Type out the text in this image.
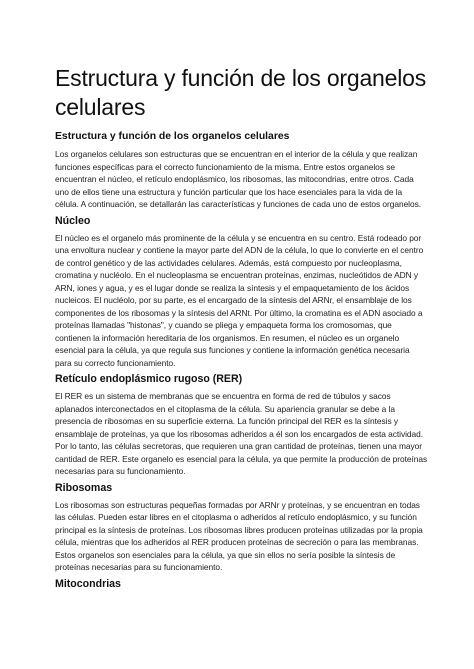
Estructura y función de los organelos celulares
Estructura y función de los organelos celulares

Los organelos celulares son estructuras que se encuentran en el interior de la célula y que realizan funciones específicas para el correcto funcionamiento de la misma. Entre estos organelos se encuentran el núcleo, el retículo endoplásmico, los ribosomas, las mitocondrias, entre otros. Cada uno de ellos tiene una estructura y función particular que los hace esenciales para la vida de la célula. A continuación, se detallarán las características y funciones de cada uno de estos organelos.

Núcleo

El núcleo es el organelo más prominente de la célula y se encuentra en su centro. Está rodeado por una envoltura nuclear y contiene la mayor parte del ADN de la célula, lo que lo convierte en el centro de control genético y de las actividades celulares. Además, está compuesto por nucleoplasma, cromatina y nucléolo. En el nucleoplasma se encuentran proteínas, enzimas, nucleótidos de ADN y ARN, iones y agua, y es el lugar donde se realiza la síntesis y el empaquetamiento de los ácidos nucleicos. El nucléolo, por su parte, es el encargado de la síntesis del ARNr, el ensamblaje de los componentes de los ribosomas y la síntesis del ARNt. Por último, la cromatina es el ADN asociado a proteínas llamadas "histonas", y cuando se pliega y empaqueta forma los cromosomas, que contienen la información hereditaria de los organismos. En resumen, el núcleo es un organelo esencial para la célula, ya que regula sus funciones y contiene la información genética necesaria para su correcto funcionamiento.

Retículo endoplásmico rugoso (RER)

El RER es un sistema de membranas que se encuentra en forma de red de túbulos y sacos aplanados interconectados en el citoplasma de la célula. Su apariencia granular se debe a la presencia de ribosomas en su superficie externa. La función principal del RER es la síntesis y ensamblaje de proteínas, ya que los ribosomas adheridos a él son los encargados de esta actividad. Por lo tanto, las células secretoras, que requieren una gran cantidad de proteínas, tienen una mayor cantidad de RER. Este organelo es esencial para la célula, ya que permite la producción de proteínas necesarias para su funcionamiento.

Ribosomas

Los ribosomas son estructuras pequeñas formadas por ARNr y proteínas, y se encuentran en todas las células. Pueden estar libres en el citoplasma o adheridos al retículo endoplásmico, y su función principal es la síntesis de proteínas. Los ribosomas libres producen proteínas utilizadas por la propia célula, mientras que los adheridos al RER producen proteínas de secreción o para las membranas. Estos organelos son esenciales para la célula, ya que sin ellos no sería posible la síntesis de proteínas necesarias para su funcionamiento.

Mitocondrias
